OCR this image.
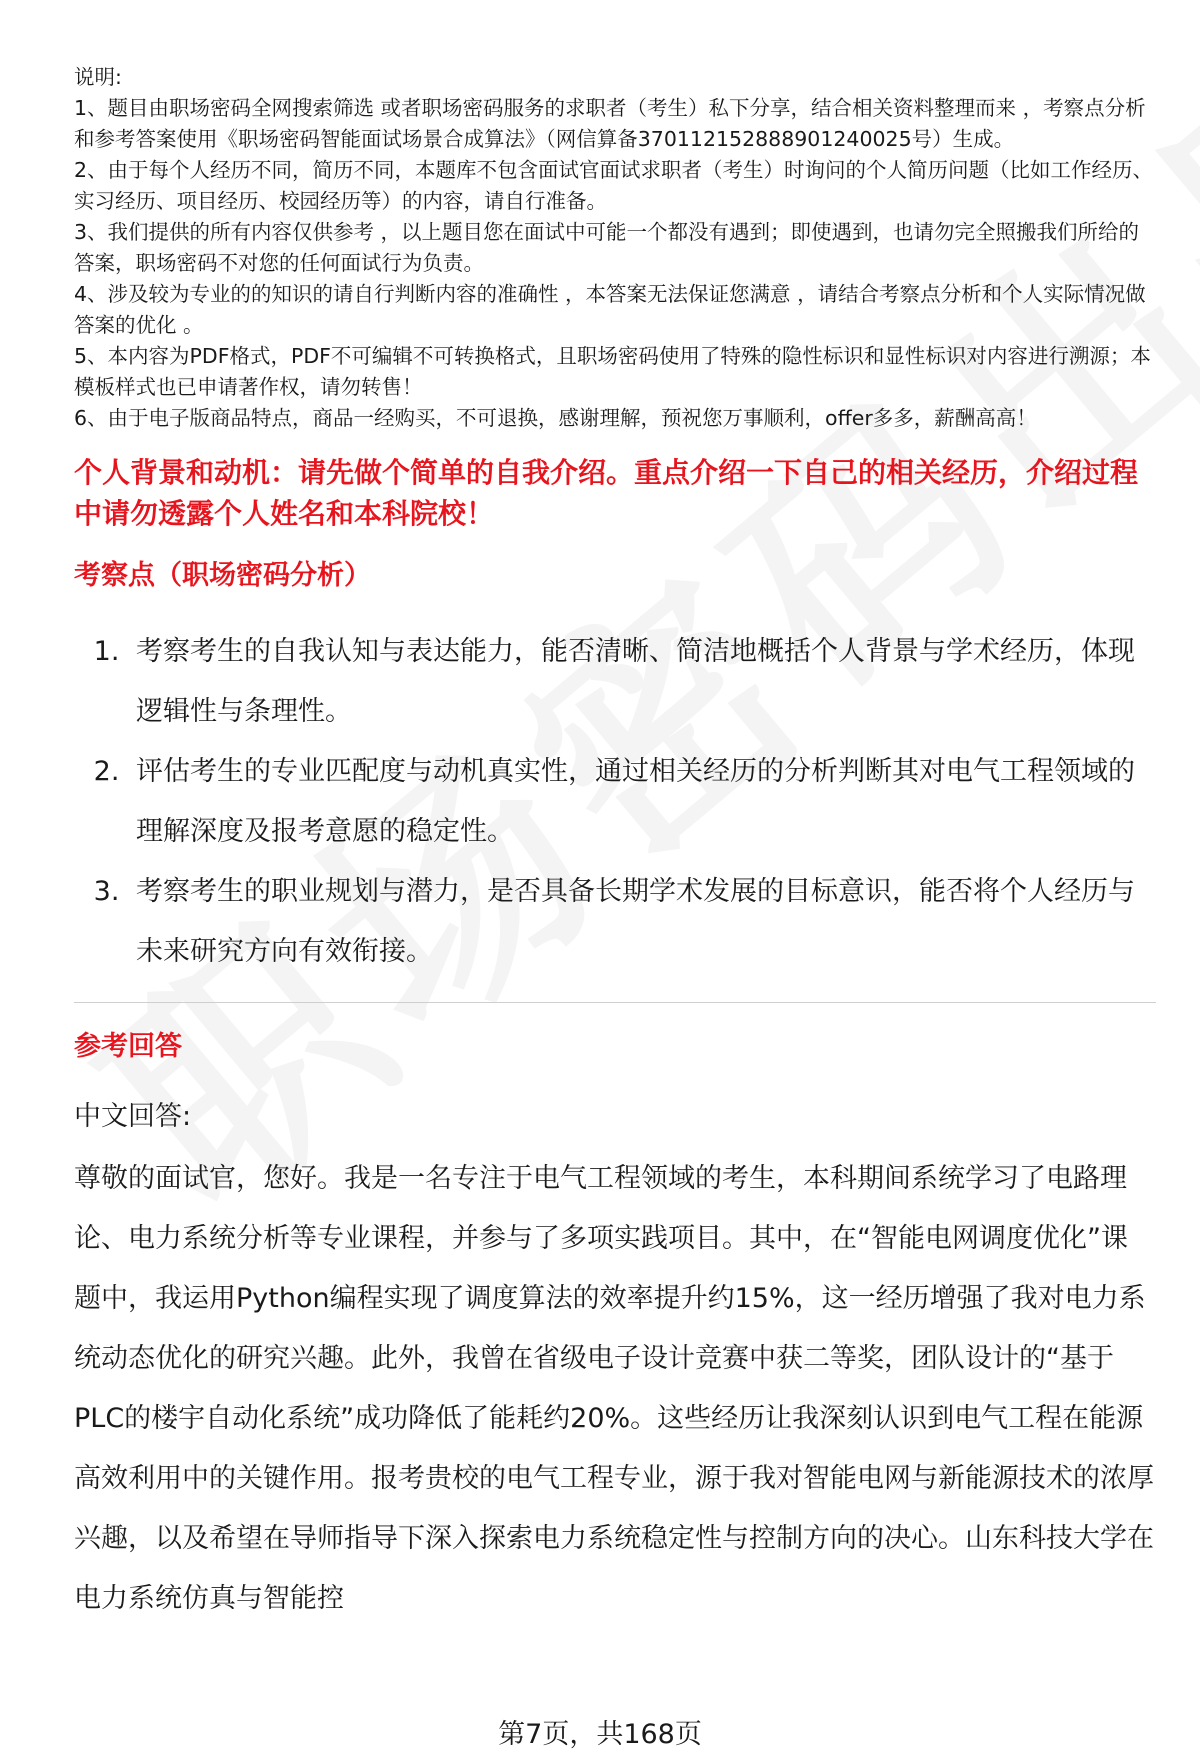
说明:

1、题目由职场密码全网搜索筛选 或者职场密码服务的求职者（考生）私下分享，结合相关资料整理而来 ，考察点分析和参考答案使用《职场密码智能面试场景合成算法》（网信算备370112152888901240025号）生成。

2、由于每个人经历不同，简历不同，本题库不包含面试官面试求职者（考生）时询问的个人简历问题（比如工作经历、实习经历、项目经历、校园经历等）的内容，请自行准备。

3、我们提供的所有内容仅供参考 ，以上题目您在面试中可能一个都没有遇到；即使遇到，也请勿完全照搬我们所给的答案，职场密码不对您的任何面试行为负责。

4、涉及较为专业的的知识的请自行判断内容的准确性 ，本答案无法保证您满意 ，请结合考察点分析和个人实际情况做答案的优化 。

5、本内容为PDF格式，PDF不可编辑不可转换格式，且职场密码使用了特殊的隐性标识和显性标识对内容进行溯源；本模板样式也已申请著作权，请勿转售！

6、由于电子版商品特点，商品一经购买，不可退换，感谢理解，预祝您万事顺利，offer多多，薪酬高高！

个人背景和动机：请先做个简单的自我介绍。重点介绍一下自己的相关经历，介绍过程中请勿透露个人姓名和本科院校！
考察点（职场密码分析）
1. 考察考生的自我认知与表达能力，能否清晰、简洁地概括个人背景与学术经历，体现逻辑性与条理性。
2. 评估考生的专业匹配度与动机真实性，通过相关经历的分析判断其对电气工程领域的理解深度及报考意愿的稳定性。
3. 考察考生的职业规划与潜力，是否具备长期学术发展的目标意识，能否将个人经历与未来研究方向有效衔接。
参考回答
中文回答:
尊敬的面试官，您好。我是一名专注于电气工程领域的考生，本科期间系统学习了电路理论、电力系统分析等专业课程，并参与了多项实践项目。其中，在“智能电网调度优化”课题中，我运用Python编程实现了调度算法的效率提升约15%，这一经历增强了我对电力系统动态优化的研究兴趣。此外，我曾在省级电子设计竞赛中获二等奖，团队设计的“基于PLC的楼宇自动化系统”成功降低了能耗约20%。这些经历让我深刻认识到电气工程在能源高效利用中的关键作用。报考贵校的电气工程专业，源于我对智能电网与新能源技术的浓厚兴趣，以及希望在导师指导下深入探索电力系统稳定性与控制方向的决心。山东科技大学在电力系统仿真与智能控
第7页，共168页
